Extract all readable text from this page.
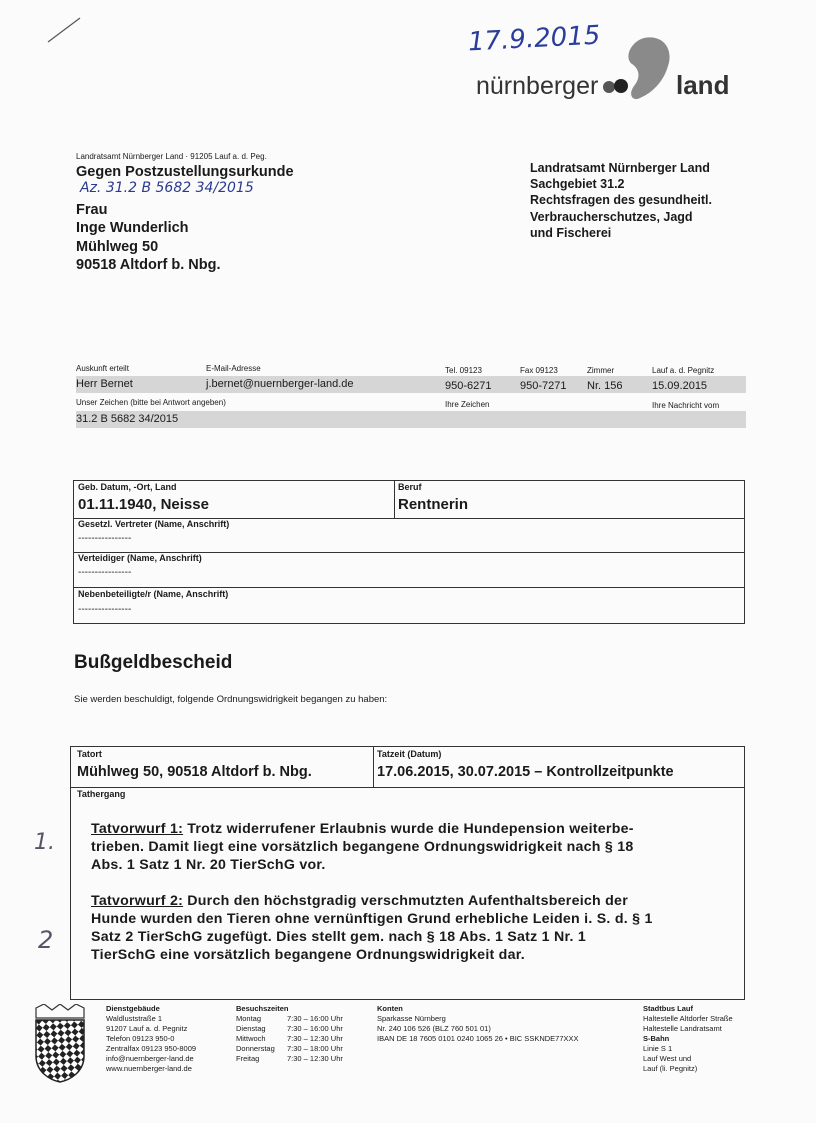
17.9.2015
nürnberger	land
Landratsamt Nürnberger Land · 91205 Lauf a. d. Peg.
Gegen Postzustellungsurkunde
Frau
Inge Wunderlich
Mühlweg 50
90518 Altdorf b. Nbg.
Az. 31.2 B 5682 34/2015
Landratsamt Nürnberger Land
Sachgebiet 31.2
Rechtsfragen des gesundheitl.
Verbraucherschutzes, Jagd
und Fischerei
Auskunft erteilt	E-Mail-Adresse	Tel. 09123	Fax 09123	Zimmer	Lauf a. d. Pegnitz
Herr Bernet	j.bernet@nuernberger-land.de	950-6271	950-7271 Nr. 156	15.09.2015
Unser Zeichen (bitte bei Antwort angeben)	Ihre Zeichen	Ihre Nachricht vom
31.2 B 5682 34/2015
Geb. Datum, -Ort, Land
01.11.1940, Neisse
Beruf
Rentnerin
Gesetzl. Vertreter (Name, Anschrift)
----------------
Verteidiger (Name, Anschrift)
----------------
Nebenbeteiligte/r (Name, Anschrift)
----------------
Bußgeldbescheid
Sie werden beschuldigt, folgende Ordnungswidrigkeit begangen zu haben:
Tatort
Mühlweg 50, 90518 Altdorf b. Nbg.
Tatzeit (Datum)
17.06.2015, 30.07.2015 – Kontrollzeitpunkte
Tathergang
Tatvorwurf 1: Trotz widerrufener Erlaubnis wurde die Hundepension weiterbe-
trieben. Damit liegt eine vorsätzlich begangene Ordnungswidrigkeit nach § 18
Abs. 1 Satz 1 Nr. 20 TierSchG vor.
Tatvorwurf 2: Durch den höchstgradig verschmutzten Aufenthaltsbereich der
Hunde wurden den Tieren ohne vernünftigen Grund erhebliche Leiden i. S. d. § 1
Satz 2 TierSchG zugefügt. Dies stellt gem. nach § 18 Abs. 1 Satz 1 Nr. 1
TierSchG eine vorsätzlich begangene Ordnungswidrigkeit dar.
1.
2
Dienstgebäude
Waldluststraße 1
91207 Lauf a. d. Pegnitz
Telefon 09123 950-0
Zentralfax 09123 950-8009
info@nuernberger-land.de
www.nuernberger-land.de
Besuchszeiten
Montag	7:30 – 16:00 Uhr
Dienstag	7:30 – 16:00 Uhr
Mittwoch	7:30 – 12:30 Uhr
Donnerstag	7:30 – 18:00 Uhr
Freitag	7:30 – 12:30 Uhr
Konten
Sparkasse Nürnberg
Nr. 240 106 526 (BLZ 760 501 01)
IBAN DE 18 7605 0101 0240 1065 26 • BIC SSKNDE77XXX
Stadtbus Lauf
Haltestelle Altdorfer Straße
Haltestelle Landratsamt
S-Bahn
Linie S 1
Lauf West und
Lauf (li. Pegnitz)
